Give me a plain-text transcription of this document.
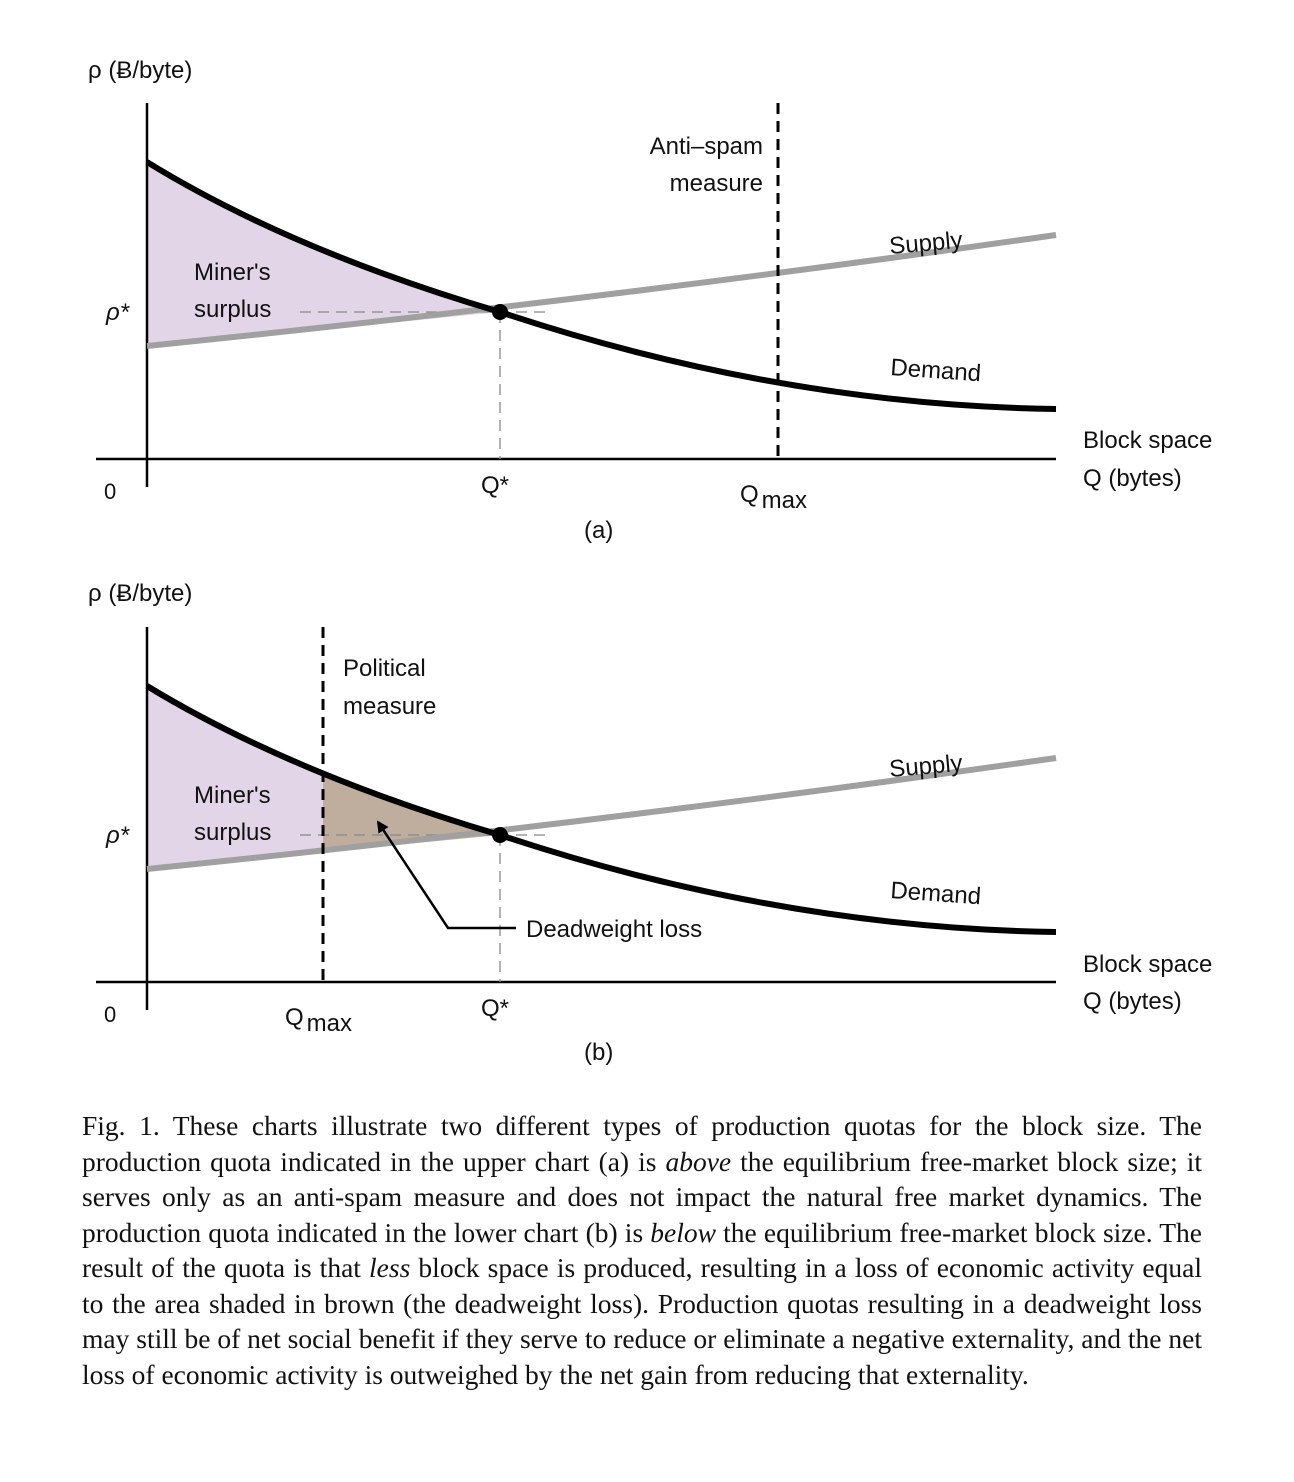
ρ (Ƀ/byte)
ρ*
0	Q*	Q max
Block space
Q (bytes)
Anti–spam
measure
Miner's
surplus
Supply
Demand
(a)
ρ (Ƀ/byte)
ρ*
0	Q*
Q max
Block space
Q (bytes)
Political
measure
Miner's
surplus
Supply
Demand
Deadweight loss
(b)

Fig. 1. These charts illustrate two different types of production quotas for the block size. The production quota indicated in the upper chart (a) is above the equilibrium free-market block size; it serves only as an anti-spam measure and does not impact the natural free market dynamics. The production quota indicated in the lower chart (b) is below the equilibrium free-market block size. The result of the quota is that less block space is produced, resulting in a loss of economic activity equal to the area shaded in brown (the deadweight loss). Production quotas resulting in a deadweight loss may still be of net social benefit if they serve to reduce or eliminate a negative externality, and the net loss of economic activity is outweighed by the net gain from reducing that externality.
